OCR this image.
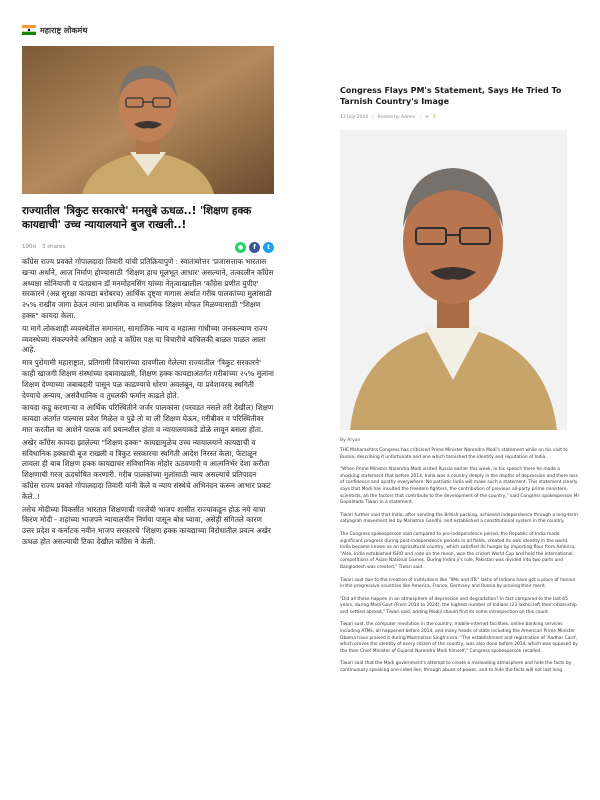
महाराष्ट्र लोकमंथ
राज्यातील 'त्रिकुट सरकारचे' मनसुबे ऊधळ..! 'शिक्षण हक्क कायद्याची' उच्च न्यायालयाने बुज राखली..!
190d 3 shares	●	f	t

कॉंग्रेस राज्य प्रवक्ते गोपालदादा तिवारी यांची प्रतिक्रियापुणे : स्वातंत्र्योत्तर 'प्रजासत्ताक भारतास खऱ्या अर्थाने, आज निर्माण होण्यासाठी 'शिक्षण हाच मूलभूत आधार' असल्याने, तत्कालीन कॉंग्रेस अध्यक्षा सोनियाजी व पंतप्रधान डॉ मनमोहनसिंग यांच्या नेतृत्वाखालील 'कॉंग्रेस प्रणीत युपीए' सरकारने (अन्न सुरक्षा कायद्या बरोबरच) आर्थिक दृष्ट्या मागास अर्थात गरीब पालकांच्या मुलांसाठी २५% राखीव जागा ठेऊन त्यांना प्राथमिक व माध्यमिक शिक्षण मोफत मिळण्यासाठी "शिक्षण हक्क" कायदा केला.

या मागे लोकशाही व्यवस्थेतील समानता, सामाजिक न्याय व महात्मा गांधीच्या जनकल्याण राज्य व्यवस्थेच्या संकल्पनेचे अधिष्ठान आहे व कॉंग्रेस पक्ष या विचारीचे बांधिलकी बाळत पाळत आला आहे.

मात्र पुरोगामी महाराष्ट्रात, प्रतिगामी विचारांच्या दावणीला गेलेल्या राज्यातील 'त्रिकुट सरकारने' काही खाजगी शिक्षण संस्थांच्या दबावाखाली, शिक्षण हक्क कायद्याअंतर्गत गरीबांच्या २५% मुलांना शिक्षण देण्याच्या जबाबदारी पासून पळ काढण्याचे धोरण अवलंबून, या प्रवेशावरच स्थगिती देण्याचे अन्याय, असंवैधानिक व तुघलकी फर्मान काढले होते.

कायदा कडू करणाऱ्या व आर्थिक परिस्थितीने जर्जर पालकांना (परवडत नसले तरी देखील) शिक्षण कायद्या अंतर्गत पाल्यास प्रवेश मिळेल व पुढे तो या ली शिक्षण घेऊन, गरीबीवर व परिस्थितीवर मात करतील या आशेने पालक वर्ग प्रयत्नशील होता व न्यायालयाकडे डोळे लावून बसला होता.

अखेर कॉंग्रेस कायदा झालेल्या "शिक्षण हक्क" कायद्यामुळेच उच्च न्यायालयाने कायद्याची व संविधानिक हक्काची बूज राखली व त्रिकुट सरकारचा स्थगिती आदेश निरस्त केला, फेटाळून लावला ही बाब शिक्षण हक्क कायद्याचर संविधानिक मोहोर ऊठवणारी व आत्मनिर्भर देशा करीता शिक्षणाची गरज ऊदघोषित करणारी. गरीब पालकांच्या मुलांसाठी न्याय असल्याचे प्रतिपादन कॉंग्रेस राज्य प्रवक्ते गोपालदादा तिवारी यांनी केले व न्याय संस्थेचे अभिनंदन करून आभार प्रकट केले..!

तसेच मोदीच्या विकसीत भारतात शिक्षणाची गरजेची भाजप शासीत राज्यांकडून होऊ नये याचा किरण मोदी - शहांच्या भाजपने न्यायालयीन निर्णया पासून बोध घ्यावा, असेही संगितले कारण उत्तर प्रदेश व कर्नाटक नवीन भाजप सरकारचे 'शिक्षण हक्क कायद्याच्या विरोधातील प्रयत्न अखेर ऊधळ होत असल्याची टिका देखील कॉंग्रेस ने केली.

Congress Flays PM's Statement, Says He Tried To Tarnish Country's Image
13 July 2024 | Posted by Admin | ✉ 0
By Aryan

THE Maharashtra Congress has criticised Prime Minister Narendra Modi's statement while on his visit to Russia, describing it unfortunate and one which tarnished the identity and reputation of India.

"When Prime Minister Narendra Modi visited Russia earlier this week, in his speech there he made a shocking statement that before 2014, India was a country deeply in the depths of depression and there loss of confidence and apathy everywhere. No patriotic India will make such a statement. This statement clearly says that Modi has insulted the freedom fighters, the contribution of previous all-party prime ministers, scientists, all the factors that contribute to the development of the country," said Congress spokesperson Mr Gopaldada Tiwari in a statement.

Tiwari further said that India, after sending the British packing, achieved independence through a long-term satyagrah movement led by Mahatma Gandhi, and established a constitutional system in the country.

The Congress spokesperson said compared to pre-independence period, the Republic of India made significant progress during post-independence periods in all fields, created its own identity in the world. India became known as an agricultural country, which satisfied its hunger by importing flour from America. "Also, India established ISRO and rode on the moon, won the cricket World Cup and held the international competitions of Asian National Games. During Indira ji's rule, Pakistan was divided into two parts and Bangladesh was created," Tiwari said.

Tiwari said due to the creation of institutions like "IIMs and IITs" lakhs of Indians have got a place of honour in the progressive countries like America, France, Germany and Russia by proving their merit.

"Did all these happen in an atmosphere of depression and degradation? In fact compared to the last 65 years, during Modi Govt (From 2014 to 2024), the highest number of Indians (23 lakhs) left their citizenship and settled abroad," Tiwari said, adding Modiji should find its some introspection on this count.

Tiwari said, the computer revolution in the country, mobile-internet facilities, online banking services including ATMs, all happened before 2014, and many heads of state including the American Prime Minister Obama have praised it during Manmohan Singh's era. "The establishment and registration of 'Aadhar Card', which proves the identity of every citizen of the country, was also done before 2014, which was opposed by the then Chief Minister of Gujarat Narendra Modi himself," Congress spokesperson recalled.

Tiwari said that the Modi government's attempt to create a misleading atmosphere and hide the facts by continuously speaking one-sided lies, through abuse of power, and to hide the facts will not last long.
